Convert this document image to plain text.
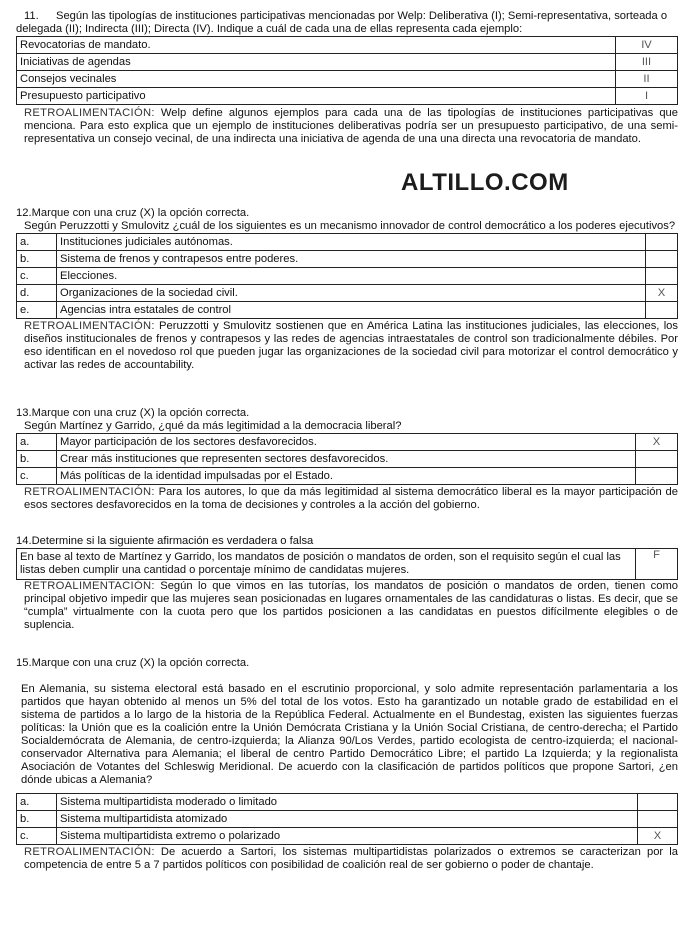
ALTILLO.COM

11. Según las tipologías de instituciones participativas mencionadas por Welp: Deliberativa (I); Semi-representativa, sorteada o delegada (II); Indirecta (III); Directa (IV). Indique a cuál de cada una de ellas representa cada ejemplo:

Revocatorias de mandato.	IV
Iniciativas de agendas	III
Consejos vecinales	II
Presupuesto participativo	I

RETROALIMENTACIÓN: Welp define algunos ejemplos para cada una de las tipologías de instituciones participativas que menciona. Para esto explica que un ejemplo de instituciones deliberativas podría ser un presupuesto participativo, de una semi-representativa un consejo vecinal, de una indirecta una iniciativa de agenda de una una directa una revocatoria de mandato.

12.Marque con una cruz (X) la opción correcta.

Según Peruzzotti y Smulovitz ¿cuál de los siguientes es un mecanismo innovador de control democrático a los poderes ejecutivos?

a.	Instituciones judiciales autónomas.	
b.	Sistema de frenos y contrapesos entre poderes.	
c.	Elecciones.	
d.	Organizaciones de la sociedad civil.	X
e.	Agencias intra estatales de control	

RETROALIMENTACIÓN: Peruzzotti y Smulovitz sostienen que en América Latina las instituciones judiciales, las elecciones, los diseños institucionales de frenos y contrapesos y las redes de agencias intraestatales de control son tradicionalmente débiles. Por eso identifican en el novedoso rol que pueden jugar las organizaciones de la sociedad civil para motorizar el control democrático y activar las redes de accountability.

13.Marque con una cruz (X) la opción correcta.

Según Martínez y Garrido, ¿qué da más legitimidad a la democracia liberal?

a.	Mayor participación de los sectores desfavorecidos.	X
b.	Crear más instituciones que representen sectores desfavorecidos.	
c.	Más políticas de la identidad impulsadas por el Estado.	

RETROALIMENTACIÓN: Para los autores, lo que da más legitimidad al sistema democrático liberal es la mayor participación de esos sectores desfavorecidos en la toma de decisiones y controles a la acción del gobierno.

14.Determine si la siguiente afirmación es verdadera o falsa

En base al texto de Martínez y Garrido, los mandatos de posición o mandatos de orden, son el requisito según el cual las listas deben cumplir una cantidad o porcentaje mínimo de candidatas mujeres.	F

RETROALIMENTACIÓN: Según lo que vimos en las tutorías, los mandatos de posición o mandatos de orden, tienen como principal objetivo impedir que las mujeres sean posicionadas en lugares ornamentales de las candidaturas o listas. Es decir, que se “cumpla” virtualmente con la cuota pero que los partidos posicionen a las candidatas en puestos difícilmente elegibles o de suplencia.

15.Marque con una cruz (X) la opción correcta.

En Alemania, su sistema electoral está basado en el escrutinio proporcional, y solo admite representación parlamentaria a los partidos que hayan obtenido al menos un 5% del total de los votos. Esto ha garantizado un notable grado de estabilidad en el sistema de partidos a lo largo de la historia de la República Federal. Actualmente en el Bundestag, existen las siguientes fuerzas políticas: la Unión que es la coalición entre la Unión Demócrata Cristiana y la Unión Social Cristiana, de centro-derecha; el Partido Socialdemócrata de Alemania, de centro-izquierda; la Alianza 90/Los Verdes, partido ecologista de centro-izquierda; el nacional-conservador Alternativa para Alemania; el liberal de centro Partido Democrático Libre; el partido La Izquierda; y la regionalista Asociación de Votantes del Schleswig Meridional. De acuerdo con la clasificación de partidos políticos que propone Sartori, ¿en dónde ubicas a Alemania?

a.	Sistema multipartidista moderado o limitado	
b.	Sistema multipartidista atomizado	
c.	Sistema multipartidista extremo o polarizado	X

RETROALIMENTACIÓN: De acuerdo a Sartori, los sistemas multipartidistas polarizados o extremos se caracterizan por la competencia de entre 5 a 7 partidos políticos con posibilidad de coalición real de ser gobierno o poder de chantaje.
